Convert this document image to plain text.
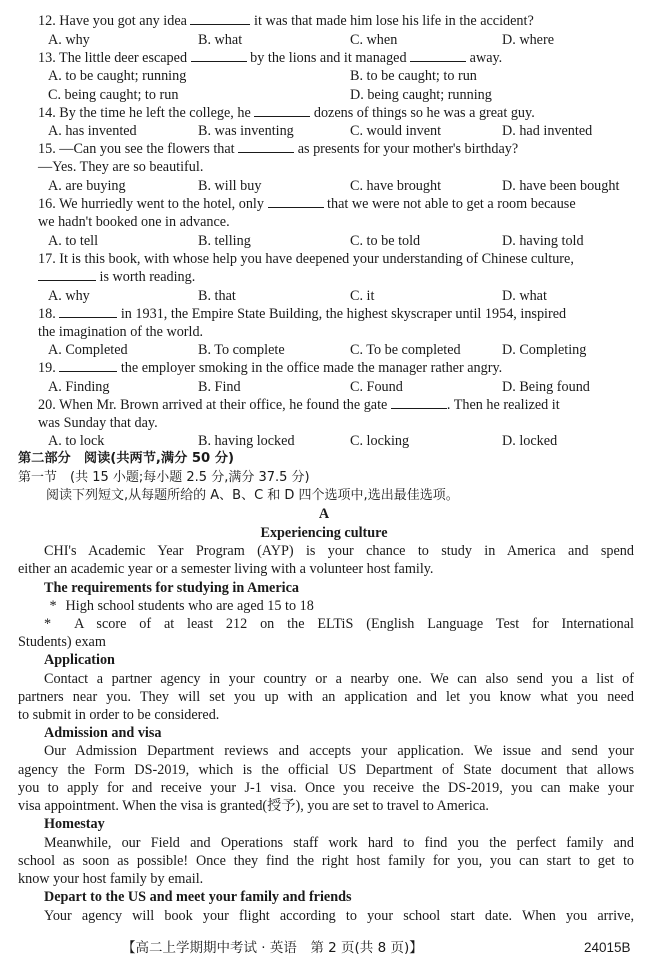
12. Have you got any idea	it was that made him lose his life in the accident?
A. why	B. what	C. when	D. where
13. The little deer escaped	by the lions and it managed	away.
A. to be caught; running	B. to be caught; to run
C. being caught; to run	D. being caught; running
14. By the time he left the college, he	dozens of things so he was a great guy.
A. has invented	B. was inventing	C. would invent	D. had invented
15. —Can you see the flowers that	as presents for your mother's birthday?
—Yes. They are so beautiful.
A. are buying	B. will buy	C. have brought	D. have been bought
16. We hurriedly went to the hotel, only	that we were not able to get a room because
we hadn't booked one in advance.
A. to tell	B. telling	C. to be told	D. having told
17. It is this book, with whose help you have deepened your understanding of Chinese culture,
is worth reading.
A. why	B. that	C. it	D. what
18.	in 1931, the Empire State Building, the highest skyscraper until 1954, inspired
the imagination of the world.
A. Completed	B. To complete	C. To be completed	D. Completing
19.	the employer smoking in the office made the manager rather angry.
A. Finding	B. Find	C. Found	D. Being found
20. When Mr. Brown arrived at their office, he found the gate	. Then he realized it
was Sunday that day.
A. to lock	B. having locked	C. locking	D. locked
第二部分　阅读(共两节,满分 50 分)
第一节　(共 15 小题;每小题 2.5 分,满分 37.5 分)
阅读下列短文,从每题所给的 A、B、C 和 D 四个选项中,选出最佳选项。
A
Experiencing culture
CHI's Academic Year Program (AYP) is your chance to study in America and spend
either an academic year or a semester living with a volunteer host family.
The requirements for studying in America
* High school students who are aged 15 to 18
* A score of at least 212 on the ELTiS (English Language Test for International
Students) exam
Application
Contact a partner agency in your country or a nearby one. We can also send you a list of
partners near you. They will set you up with an application and let you know what you need
to submit in order to be considered.
Admission and visa
Our Admission Department reviews and accepts your application. We issue and send your
agency the Form DS-2019, which is the official US Department of State document that allows
you to apply for and receive your J-1 visa. Once you receive the DS-2019, you can make your
visa appointment. When the visa is granted(授予), you are set to travel to America.
Homestay
Meanwhile, our Field and Operations staff work hard to find you the perfect family and
school as soon as possible! Once they find the right host family for you, you can start to get to
know your host family by email.
Depart to the US and meet your family and friends
Your agency will book your flight according to your school start date. When you arrive,
【高二上学期期中考试 · 英语　第 2 页(共 8 页)】	24015B
